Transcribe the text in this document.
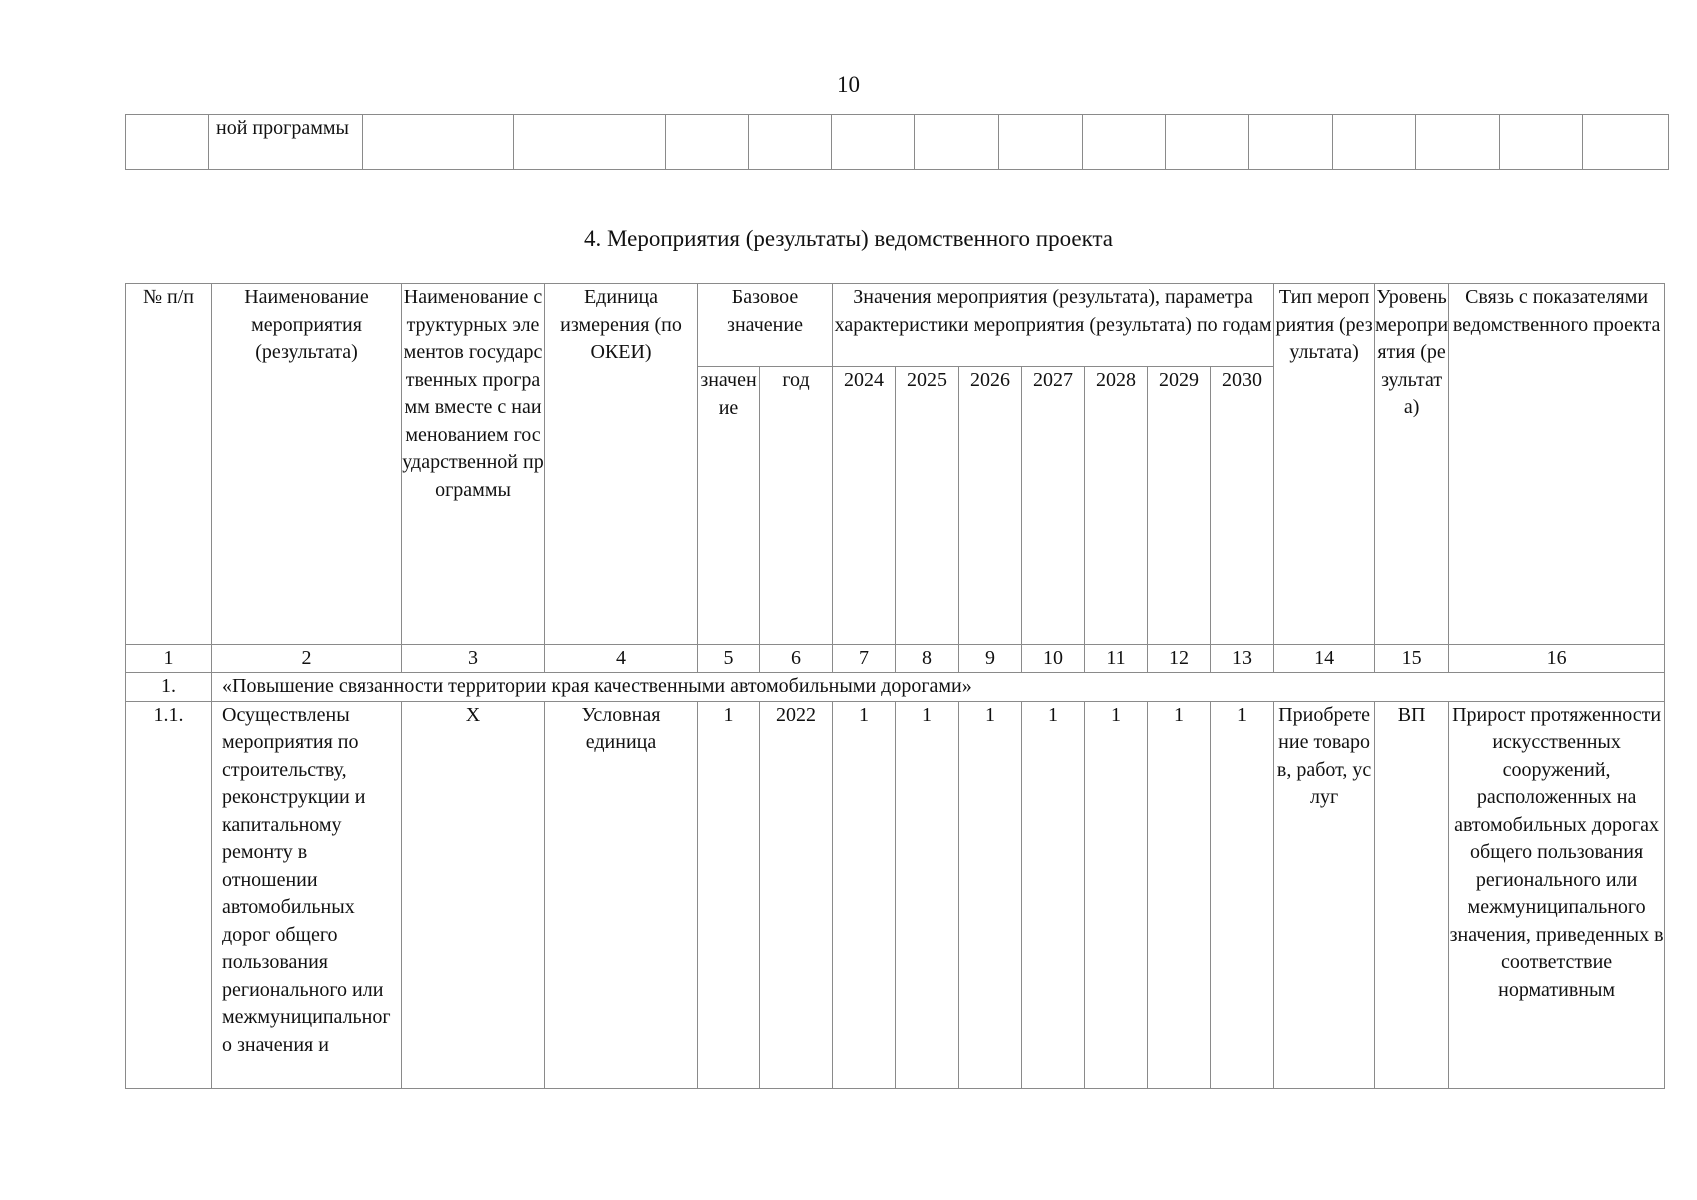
10
	ной программы														
4. Мероприятия (результаты) ведомственного проекта
№ п/п	Наименование мероприятия (результата)	Наименование структурных элементов государственных программ вместе с наименованием государственной программы	Единица измерения (по ОКЕИ)	Базовое значение		Значения мероприятия (результата), параметра характеристики мероприятия (результата) по годам							Тип мероприятия (результата)	Уровень мероприятия (результата)	Связь с показателями ведомственного проекта
				значение	год	2024	2025	2026	2027	2028	2029	2030			
1	2	3	4	5	6	7	8	9	10	11	12	13	14	15	16
1.	«Повышение связанности территории края качественными автомобильными дорогами»														
1.1.	Осуществлены мероприятия по строительству, реконструкции и капитальному ремонту в отношении автомобильных дорог общего пользования регионального или межмуниципального значения и	Х	Условная единица	1	2022	1	1	1	1	1	1	1	Приобретение товаров, работ, услуг	ВП	Прирост протяженности искусственных сооружений, расположенных на автомобильных дорогах общего пользования регионального или межмуниципального значения, приведенных в соответствие нормативным
